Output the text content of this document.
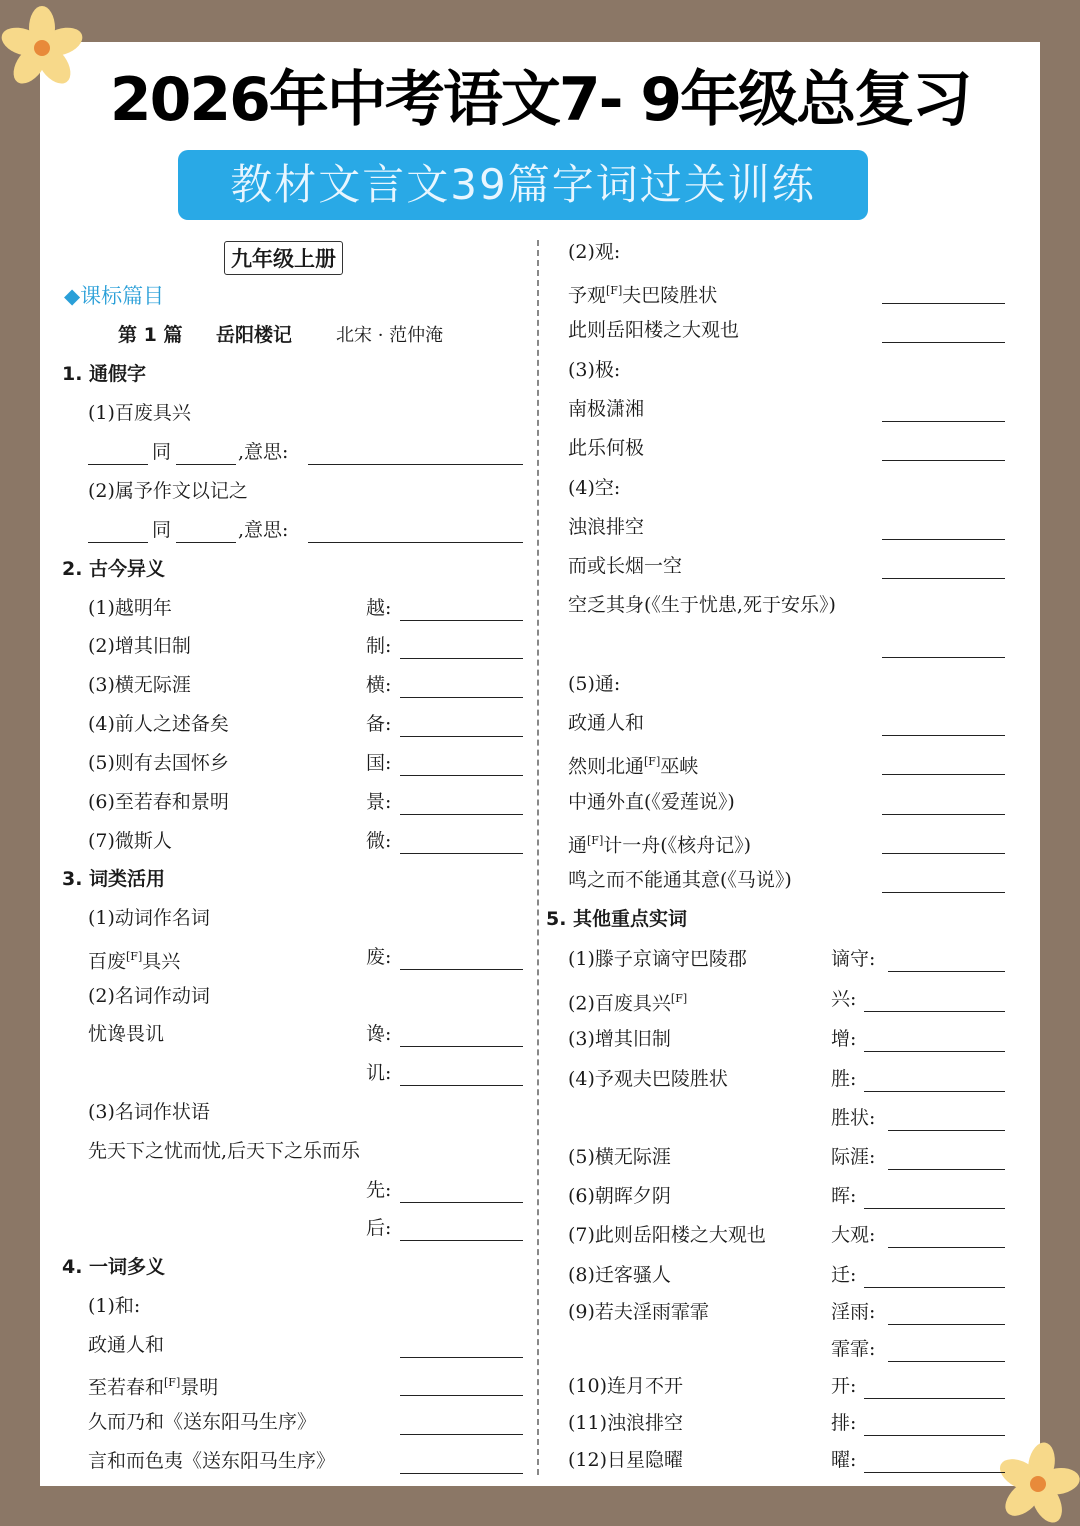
2026年中考语文7- 9年级总复习
教材文言文39篇字词过关训练
九年级上册
◆课标篇目
第 1 篇 岳阳楼记 北宋 · 范仲淹
1. 通假字
(1)百废具兴
同	,意思:
(2)属予作文以记之
同	,意思:
2. 古今异义
(1)越明年	越:
(2)增其旧制	制:
(3)横无际涯	横:
(4)前人之述备矣	备:
(5)则有去国怀乡	国:
(6)至若春和景明	景:
(7)微斯人	微:
3. 词类活用
(1)动词作名词
百废[F]具兴	废:
(2)名词作动词
忧谗畏讥	谗:
讥:
(3)名词作状语
先天下之忧而忧,后天下之乐而乐
先:
后:
4. 一词多义
(1)和:
政通人和
至若春和[F]景明
久而乃和《送东阳马生序》
言和而色夷《送东阳马生序》
(2)观:
予观[F]夫巴陵胜状
此则岳阳楼之大观也
(3)极:
南极潇湘
此乐何极
(4)空:
浊浪排空
而或长烟一空
空乏其身(《生于忧患,死于安乐》)
(5)通:
政通人和
然则北通[F]巫峡
中通外直(《爱莲说》)
通[F]计一舟(《核舟记》)
鸣之而不能通其意(《马说》)
5. 其他重点实词
(1)滕子京谪守巴陵郡	谪守:
(2)百废具兴[F]	兴:
(3)增其旧制	增:
(4)予观夫巴陵胜状	胜:
胜状:
(5)横无际涯	际涯:
(6)朝晖夕阴	晖:
(7)此则岳阳楼之大观也	大观:
(8)迁客骚人	迁:
(9)若夫淫雨霏霏	淫雨:
霏霏:
(10)连月不开	开:
(11)浊浪排空	排:
(12)日星隐曜	曜:
